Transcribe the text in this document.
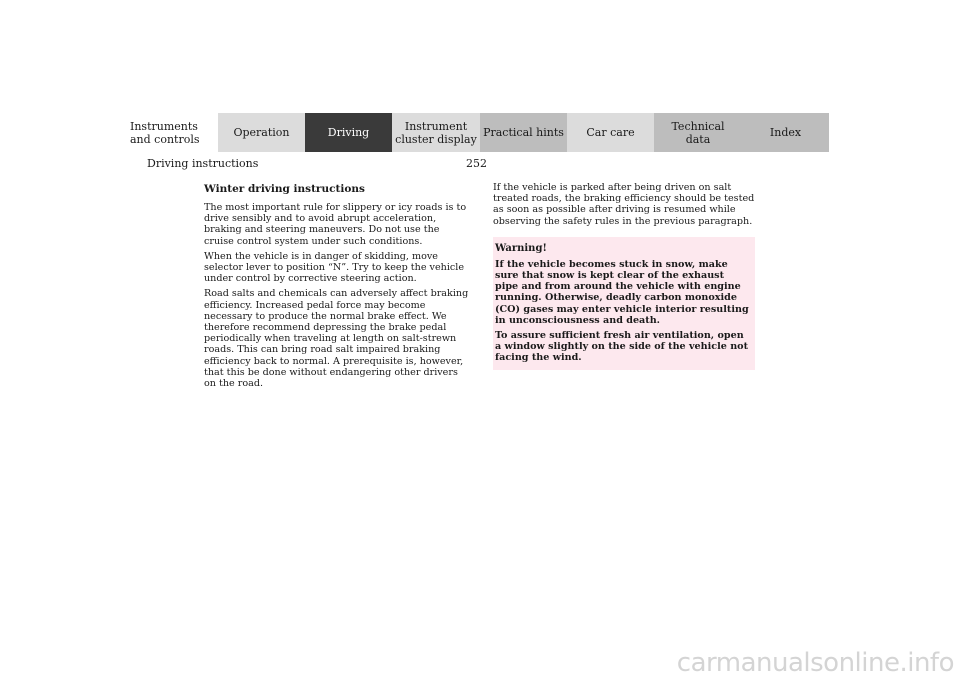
Instruments
and controls	Operation	Driving	Instrument
cluster display Practical hints	Car care	Technical
data	Index
Driving instructions	252
Winter driving instructions

The most important rule for slippery or icy roads is to drive sensibly and to avoid abrupt acceleration, braking and steering maneuvers. Do not use the cruise control system under such conditions.

When the vehicle is in danger of skidding, move selector lever to position “N”. Try to keep the vehicle under control by corrective steering action.

Road salts and chemicals can adversely affect braking efficiency. Increased pedal force may become necessary to produce the normal brake effect. We therefore recommend depressing the brake pedal periodically when traveling at length on salt-strewn roads. This can bring road salt impaired braking efficiency back to normal. A prerequisite is, however, that this be done without endangering other drivers on the road.

If the vehicle is parked after being driven on salt treated roads, the braking efficiency should be tested as soon as possible after driving is resumed while observing the safety rules in the previous paragraph.

Warning!

If the vehicle becomes stuck in snow, make sure that snow is kept clear of the exhaust pipe and from around the vehicle with engine running. Otherwise, deadly carbon monoxide (CO) gases may enter vehicle interior resulting in unconsciousness and death.

To assure sufficient fresh air ventilation, open a window slightly on the side of the vehicle not facing the wind.

carmanualsonline.info
